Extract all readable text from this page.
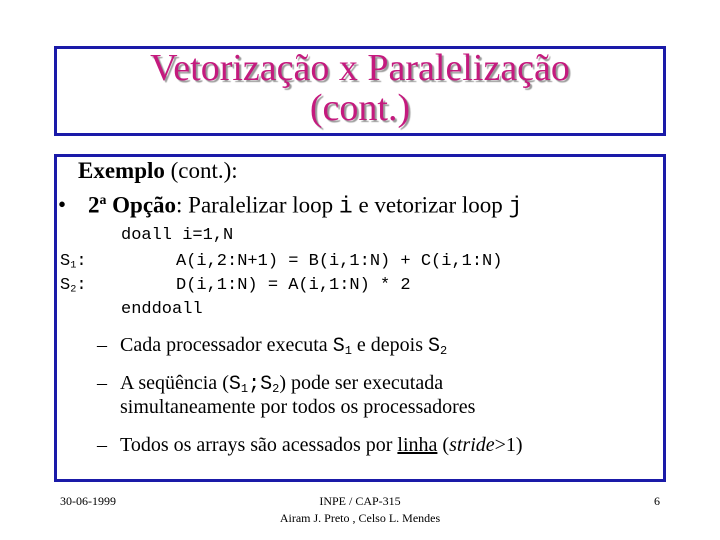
Vetorização x Paralelização
(cont.)
Exemplo (cont.):
• 2$^a$ Opção: Paralelizar loop i e vetorizar loop j
doall i=1,N
$S_1$:	A(i,2:N+1) = B(i,1:N) + C(i,1:N)
$S_2$:	D(i,1:N) = A(i,1:N) * 2
enddoall
– Cada processador executa $S_1$ e depois $S_2$
– A seqüência $(S_1;S_2)$ pode ser executada
simultaneamente por todos os processadores
– Todos os arrays são acessados por linha (stride>1)
30-06-1999	INPE / CAP-315
Airam J. Preto , Celso L. Mendes
6
